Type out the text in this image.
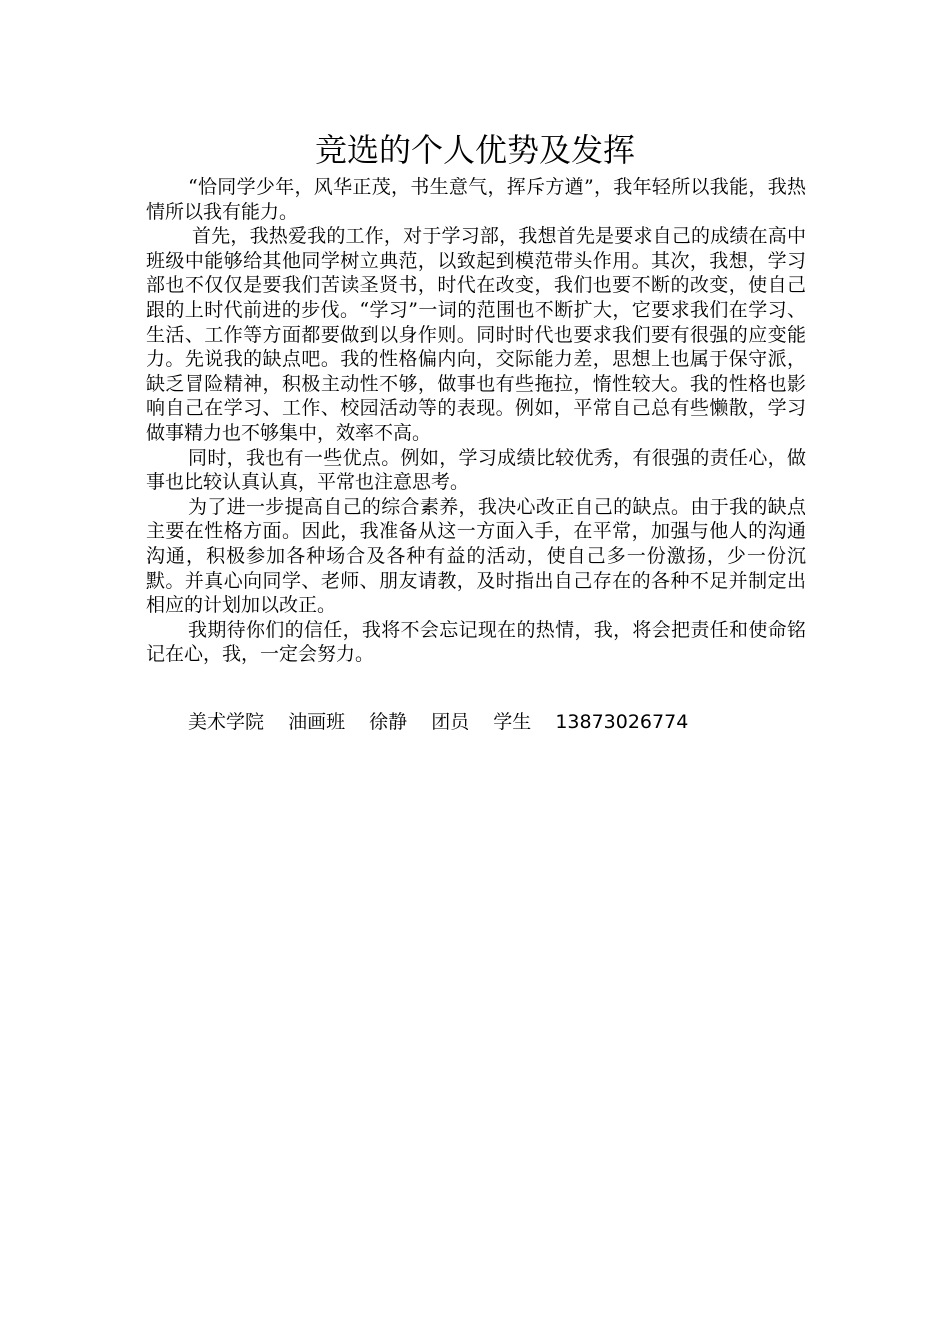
竞选的个人优势及发挥

“恰同学少年，风华正茂，书生意气，挥斥方遒”，我年轻所以我能，我热情所以我有能力。

首先，我热爱我的工作，对于学习部，我想首先是要求自己的成绩在高中班级中能够给其他同学树立典范，以致起到模范带头作用。其次，我想，学习部也不仅仅是要我们苦读圣贤书，时代在改变，我们也要不断的改变，使自己跟的上时代前进的步伐。“学习”一词的范围也不断扩大，它要求我们在学习、生活、工作等方面都要做到以身作则。同时时代也要求我们要有很强的应变能力。先说我的缺点吧。我的性格偏内向，交际能力差，思想上也属于保守派，缺乏冒险精神，积极主动性不够，做事也有些拖拉，惰性较大。我的性格也影响自己在学习、工作、校园活动等的表现。例如，平常自己总有些懒散，学习做事精力也不够集中，效率不高。

同时，我也有一些优点。例如，学习成绩比较优秀，有很强的责任心，做事也比较认真认真，平常也注意思考。

为了进一步提高自己的综合素养，我决心改正自己的缺点。由于我的缺点主要在性格方面。因此，我准备从这一方面入手，在平常，加强与他人的沟通沟通，积极参加各种场合及各种有益的活动，使自己多一份激扬，少一份沉默。并真心向同学、老师、朋友请教，及时指出自己存在的各种不足并制定出相应的计划加以改正。

我期待你们的信任，我将不会忘记现在的热情，我，将会把责任和使命铭记在心，我，一定会努力。

美术学院 油画班 徐静 团员 学生 13873026774
